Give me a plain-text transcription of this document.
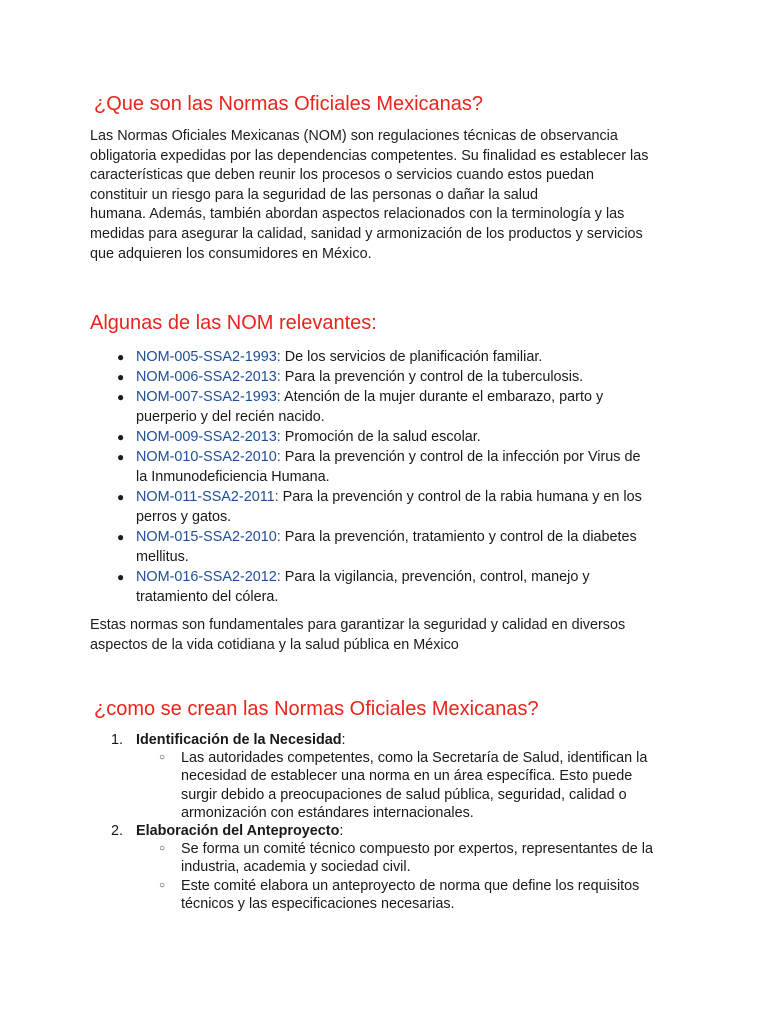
¿Que son las Normas Oficiales Mexicanas?

Las Normas Oficiales Mexicanas (NOM) son regulaciones técnicas de observancia
obligatoria expedidas por las dependencias competentes. Su finalidad es establecer las
características que deben reunir los procesos o servicios cuando estos puedan
constituir un riesgo para la seguridad de las personas o dañar la salud
humana. Además, también abordan aspectos relacionados con la terminología y las
medidas para asegurar la calidad, sanidad y armonización de los productos y servicios
que adquieren los consumidores en México.

Algunas de las NOM relevantes:
● NOM-005-SSA2-1993: De los servicios de planificación familiar.
● NOM-006-SSA2-2013: Para la prevención y control de la tuberculosis.
● NOM-007-SSA2-1993: Atención de la mujer durante el embarazo, parto y
puerperio y del recién nacido.
● NOM-009-SSA2-2013: Promoción de la salud escolar.
● NOM-010-SSA2-2010: Para la prevención y control de la infección por Virus de
la Inmunodeficiencia Humana.
● NOM-011-SSA2-2011: Para la prevención y control de la rabia humana y en los
perros y gatos.
● NOM-015-SSA2-2010: Para la prevención, tratamiento y control de la diabetes
mellitus.
● NOM-016-SSA2-2012: Para la vigilancia, prevención, control, manejo y
tratamiento del cólera.

Estas normas son fundamentales para garantizar la seguridad y calidad en diversos
aspectos de la vida cotidiana y la salud pública en México

¿como se crean las Normas Oficiales Mexicanas?
1. Identificación de la Necesidad:
○ Las autoridades competentes, como la Secretaría de Salud, identifican la
necesidad de establecer una norma en un área específica. Esto puede
surgir debido a preocupaciones de salud pública, seguridad, calidad o
armonización con estándares internacionales.
2. Elaboración del Anteproyecto:
○ Se forma un comité técnico compuesto por expertos, representantes de la
industria, academia y sociedad civil.
○ Este comité elabora un anteproyecto de norma que define los requisitos
técnicos y las especificaciones necesarias.
